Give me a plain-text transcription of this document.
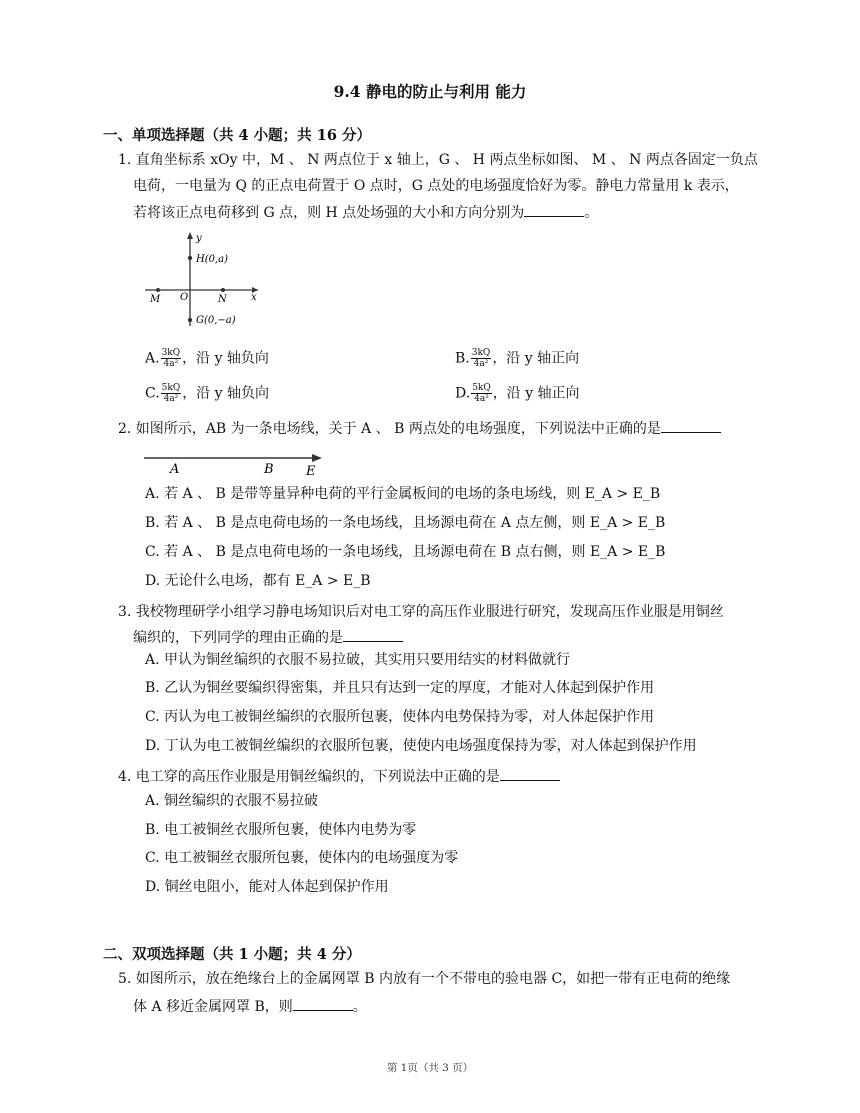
9.4 静电的防止与利用 能力
一、单项选择题（共 4 小题；共 16 分）
1. 直角坐标系 xOy 中，M 、 N 两点位于 x 轴上，G 、 H 两点坐标如图、 M 、 N 两点各固定一负点
电荷，一电量为 Q 的正点电荷置于 O 点时，G 点处的电场强度恰好为零。静电力常量用 k 表示，
若将该正点电荷移到 G 点，则 H 点处场强的大小和方向分别为	。
y
x
M O	N
H(0,a)
G(0,−a)
A. $\frac{3kQ}{\text{4a²}}$ ，沿 y 轴负向	B. $\frac{3kQ}{\text{4a²}}$ ，沿 y 轴正向
C. $\frac{5kQ}{\text{4a²}}$ ，沿 y 轴负向	D. $\frac{5kQ}{\text{4a²}}$ ，沿 y 轴正向
2. 如图所示，AB 为一条电场线，关于 A 、 B 两点处的电场强度，下列说法中正确的是
A	B E
A. 若 A 、 B 是带等量异种电荷的平行金属板间的电场的条电场线，则 E_A > E_B
B. 若 A 、 B 是点电荷电场的一条电场线，且场源电荷在 A 点左侧，则 E_A > E_B
C. 若 A 、 B 是点电荷电场的一条电场线，且场源电荷在 B 点右侧，则 E_A > E_B
D. 无论什么电场，都有 E_A > E_B
3. 我校物理研学小组学习静电场知识后对电工穿的高压作业服进行研究，发现高压作业服是用铜丝
编织的，下列同学的理由正确的是
A. 甲认为铜丝编织的衣服不易拉破，其实用只要用结实的材料做就行
B. 乙认为铜丝要编织得密集，并且只有达到一定的厚度，才能对人体起到保护作用
C. 丙认为电工被铜丝编织的衣服所包裹，使体内电势保持为零，对人体起保护作用
D. 丁认为电工被铜丝编织的衣服所包裹，使使内电场强度保持为零，对人体起到保护作用
4. 电工穿的高压作业服是用铜丝编织的，下列说法中正确的是
A. 铜丝编织的衣服不易拉破
B. 电工被铜丝衣服所包裹，使体内电势为零
C. 电工被铜丝衣服所包裹，使体内的电场强度为零
D. 铜丝电阻小，能对人体起到保护作用
二、双项选择题（共 1 小题；共 4 分）
5. 如图所示，放在绝缘台上的金属网罩 B 内放有一个不带电的验电器 C，如把一带有正电荷的绝缘
体 A 移近金属网罩 B，则	。
第 1页（共 3 页）
